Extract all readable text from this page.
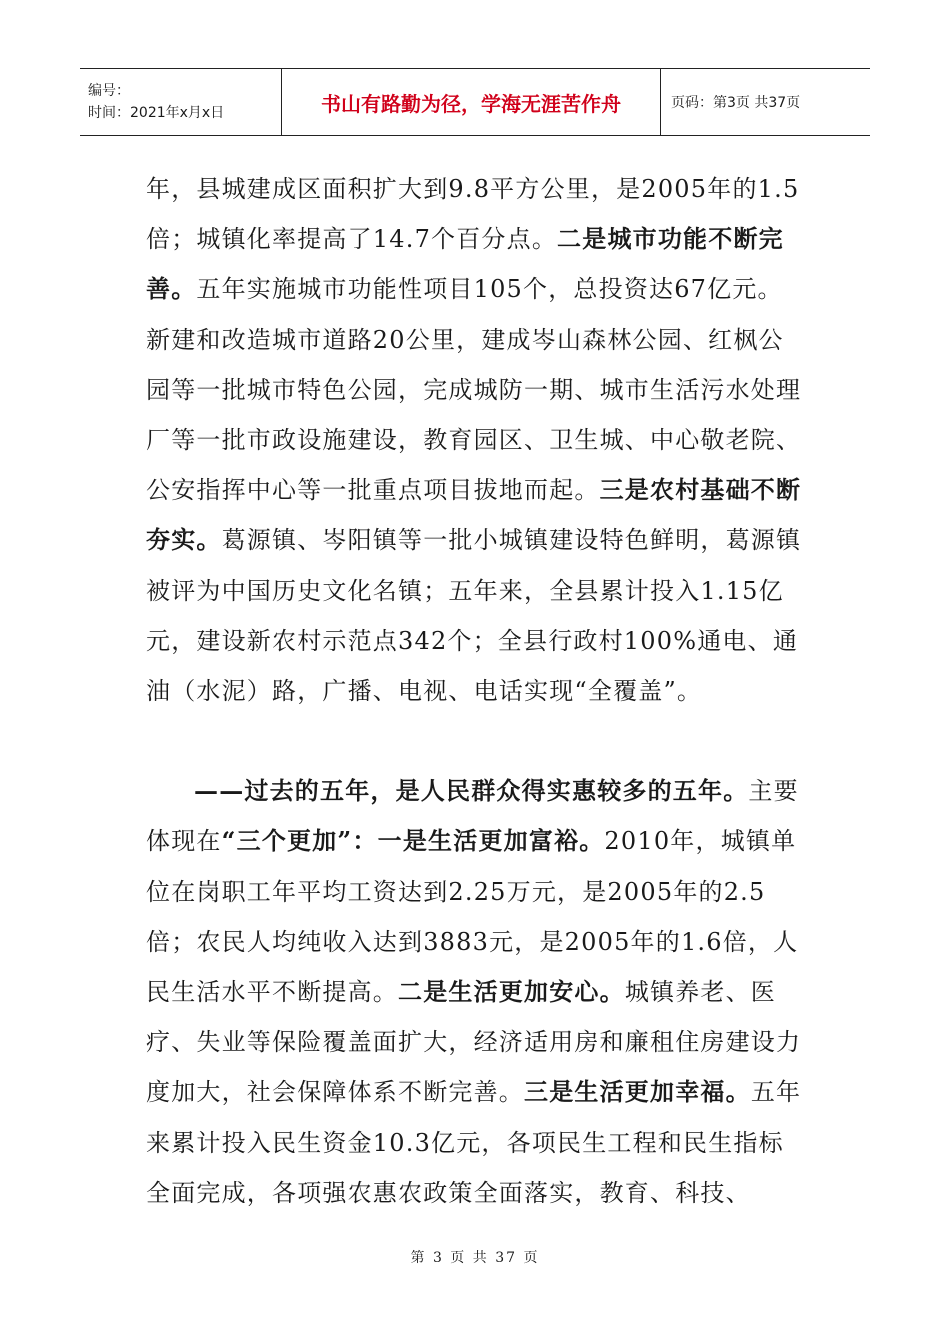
编号：
时间：2021年x月x日	书山有路勤为径，学海无涯苦作舟	页码：第3页 共37页

年，县城建成区面积扩大到9.8平方公里，是2005年的1.5倍；城镇化率提高了14.7个百分点。二是城市功能不断完善。五年实施城市功能性项目105个，总投资达67亿元。新建和改造城市道路20公里，建成岑山森林公园、红枫公园等一批城市特色公园，完成城防一期、城市生活污水处理厂等一批市政设施建设，教育园区、卫生城、中心敬老院、公安指挥中心等一批重点项目拔地而起。三是农村基础不断夯实。葛源镇、岑阳镇等一批小城镇建设特色鲜明，葛源镇被评为中国历史文化名镇；五年来，全县累计投入1.15亿元，建设新农村示范点342个；全县行政村100%通电、通油（水泥）路，广播、电视、电话实现“全覆盖”。

——过去的五年，是人民群众得实惠较多的五年。主要体现在“三个更加”：一是生活更加富裕。2010年，城镇单位在岗职工年平均工资达到2.25万元，是2005年的2.5倍；农民人均纯收入达到3883元，是2005年的1.6倍，人民生活水平不断提高。二是生活更加安心。城镇养老、医疗、失业等保险覆盖面扩大，经济适用房和廉租住房建设力度加大，社会保障体系不断完善。三是生活更加幸福。五年来累计投入民生资金10.3亿元，各项民生工程和民生指标全面完成，各项强农惠农政策全面落实，教育、科技、

第 3 页 共 37 页
